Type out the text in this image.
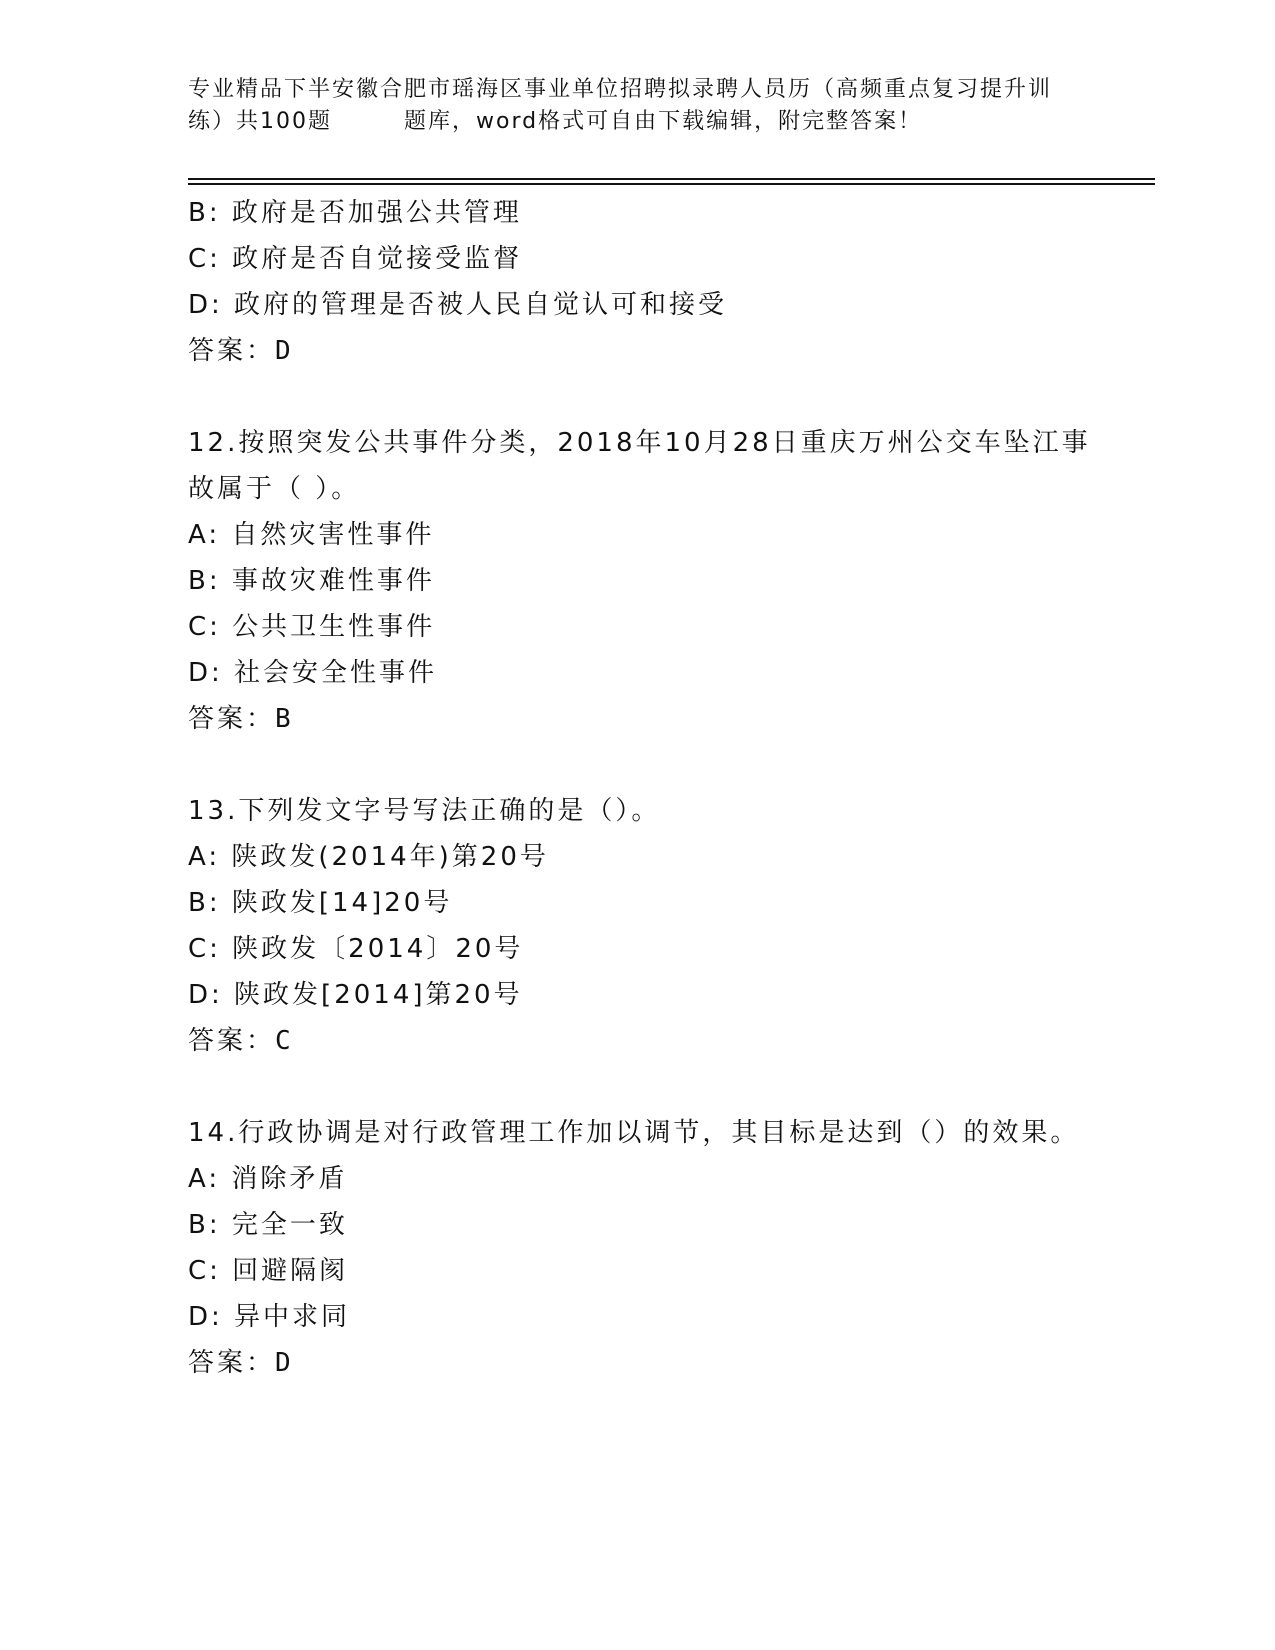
专业精品下半安徽合肥市瑶海区事业单位招聘拟录聘人员历（高频重点复习提升训
练）共100题	题库，word格式可自由下载编辑，附完整答案！
B: 政府是否加强公共管理
C: 政府是否自觉接受监督
D: 政府的管理是否被人民自觉认可和接受
答案：D
12.按照突发公共事件分类，2018年10月28日重庆万州公交车坠江事
故属于（ ）。
A: 自然灾害性事件
B: 事故灾难性事件
C: 公共卫生性事件
D: 社会安全性事件
答案：B
13.下列发文字号写法正确的是（）。
A: 陕政发(2014年)第20号
B: 陕政发[14]20号
C: 陕政发〔2014〕20号
D: 陕政发[2014]第20号
答案：C
14.行政协调是对行政管理工作加以调节，其目标是达到（）的效果。
A: 消除矛盾
B: 完全一致
C: 回避隔阂
D: 异中求同
答案：D
